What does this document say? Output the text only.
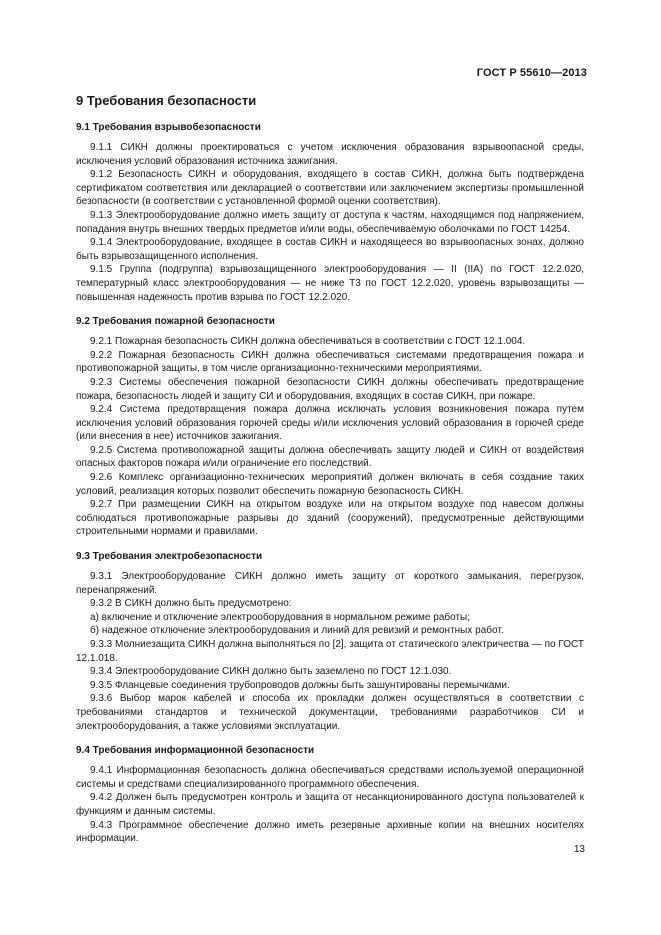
ГОСТ Р 55610—2013
9 Требования безопасности
9.1 Требования взрывобезопасности

9.1.1 СИКН должны проектироваться с учетом исключения образования взрывоопасной среды, исключения условий образования источника зажигания.

9.1.2 Безопасность СИКН и оборудования, входящего в состав СИКН, должна быть подтверждена сертификатом соответствия или декларацией о соответствии или заключением экспертизы промышленной безопасности (в соответствии с установленной формой оценки соответствия).

9.1.3 Электрооборудование должно иметь защиту от доступа к частям, находящимся под напряжением, попадания внутрь внешних твердых предметов и/или воды, обеспечиваемую оболочками по ГОСТ 14254.

9.1.4 Электрооборудование, входящее в состав СИКН и находящееся во взрывоопасных зонах, должно быть взрывозащищенного исполнения.

9.1.5 Группа (подгруппа) взрывозащищенного электрооборудования — II (IIA) по ГОСТ 12.2.020, температурный класс электрооборудования — не ниже Т3 по ГОСТ 12.2.020, уровень взрывозащиты — повышенная надежность против взрыва по ГОСТ 12.2.020.

9.2 Требования пожарной безопасности

9.2.1 Пожарная безопасность СИКН должна обеспечиваться в соответствии с ГОСТ 12.1.004.

9.2.2 Пожарная безопасность СИКН должна обеспечиваться системами предотвращения пожара и противопожарной защиты, в том числе организационно-техническими мероприятиями.

9.2.3 Системы обеспечения пожарной безопасности СИКН должны обеспечивать предотвращение пожара, безопасность людей и защиту СИ и оборудования, входящих в состав СИКН, при пожаре.

9.2.4 Система предотвращения пожара должна исключать условия возникновения пожара путем исключения условий образования горючей среды и/или исключения условий образования в горючей среде (или внесения в нее) источников зажигания.

9.2.5 Система противопожарной защиты должна обеспечивать защиту людей и СИКН от воздействия опасных факторов пожара и/или ограничение его последствий.

9.2.6 Комплекс организационно-технических мероприятий должен включать в себя создание таких условий, реализация которых позволит обеспечить пожарную безопасность СИКН.

9.2.7 При размещении СИКН на открытом воздухе или на открытом воздухе под навесом должны соблюдаться противопожарные разрывы до зданий (сооружений), предусмотренные действующими строительными нормами и правилами.

9.3 Требования электробезопасности

9.3.1 Электрооборудование СИКН должно иметь защиту от короткого замыкания, перегрузок, перенапряжений.

9.3.2 В СИКН должно быть предусмотрено:

а) включение и отключение электрооборудования в нормальном режиме работы;

б) надежное отключение электрооборудования и линий для ревизий и ремонтных работ.

9.3.3 Молниезащита СИКН должна выполняться по [2], защита от статического электричества — по ГОСТ 12.1.018.

9.3.4 Электрооборудование СИКН должно быть заземлено по ГОСТ 12.1.030.

9.3.5 Фланцевые соединения трубопроводов должны быть зашунтированы перемычками.

9.3.6 Выбор марок кабелей и способа их прокладки должен осуществляться в соответствии с требованиями стандартов и технической документации, требованиями разработчиков СИ и электрооборудования, а также условиями эксплуатации.

9.4 Требования информационной безопасности

9.4.1 Информационная безопасность должна обеспечиваться средствами используемой операционной системы и средствами специализированного программного обеспечения.

9.4.2 Должен быть предусмотрен контроль и защита от несанкционированного доступа пользователей к функциям и данным системы.

9.4.3 Программное обеспечение должно иметь резервные архивные копии на внешних носителях информации.

13
